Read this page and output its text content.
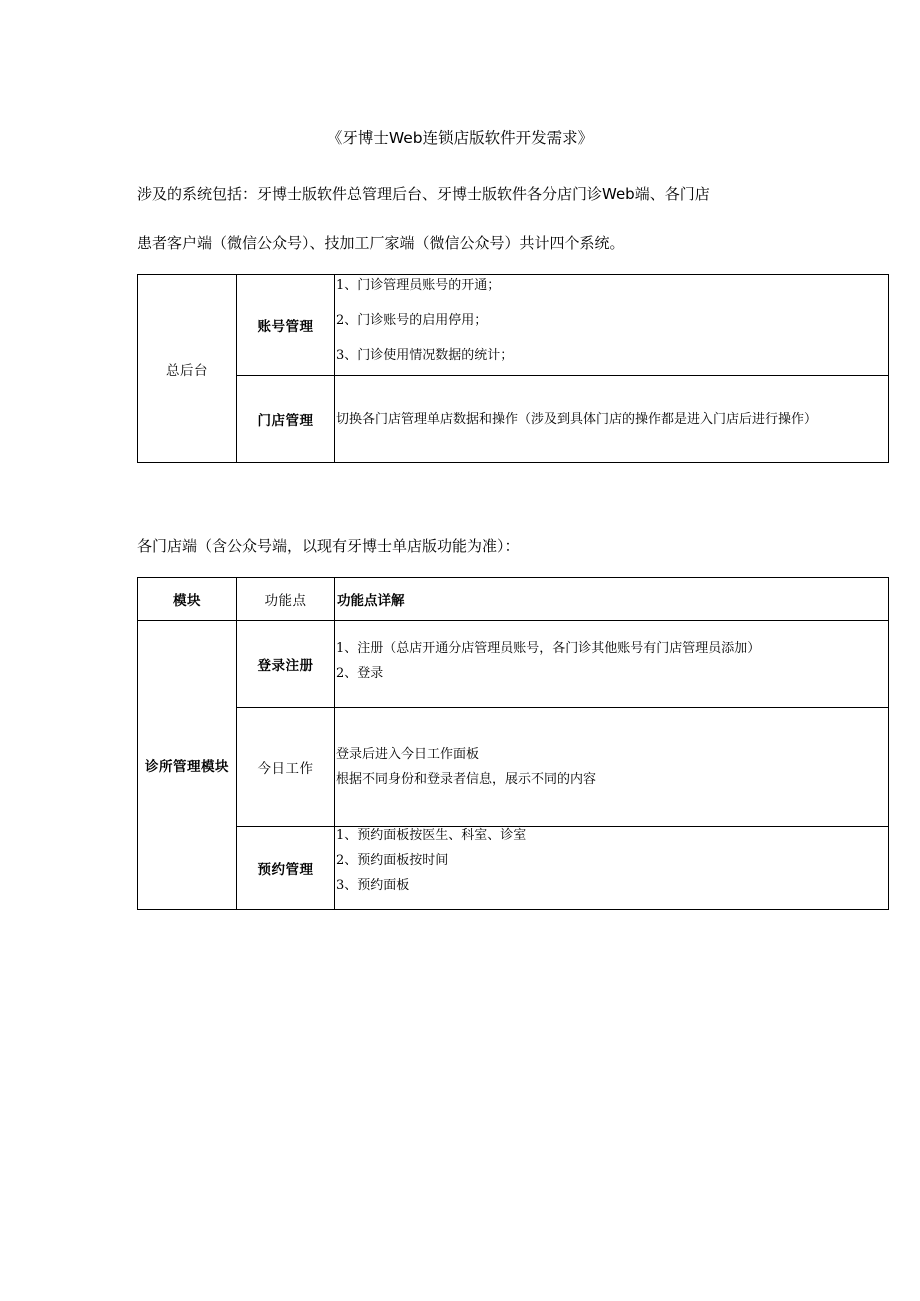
《牙博士Web连锁店版软件开发需求》
涉及的系统包括：牙博士版软件总管理后台、牙博士版软件各分店门诊Web端、各门店
患者客户端（微信公众号）、技加工厂家端（微信公众号）共计四个系统。
总后台	账号管理	1、门诊管理员账号的开通；
2、门诊账号的启用停用；
3、门诊使用情况数据的统计；

	门店管理	切换各门店管理单店数据和操作（涉及到具体门店的操作都是进入门店后进行操作）
各门店端（含公众号端，以现有牙博士单店版功能为准）：
模块	功能点	功能点详解
诊所管理模块	登录注册	1、注册（总店开通分店管理员账号，各门诊其他账号有门店管理员添加）
2、登录

	今日工作	登录后进入今日工作面板
根据不同身份和登录者信息，展示不同的内容

	预约管理	1、预约面板按医生、科室、诊室
2、预约面板按时间
3、预约面板
